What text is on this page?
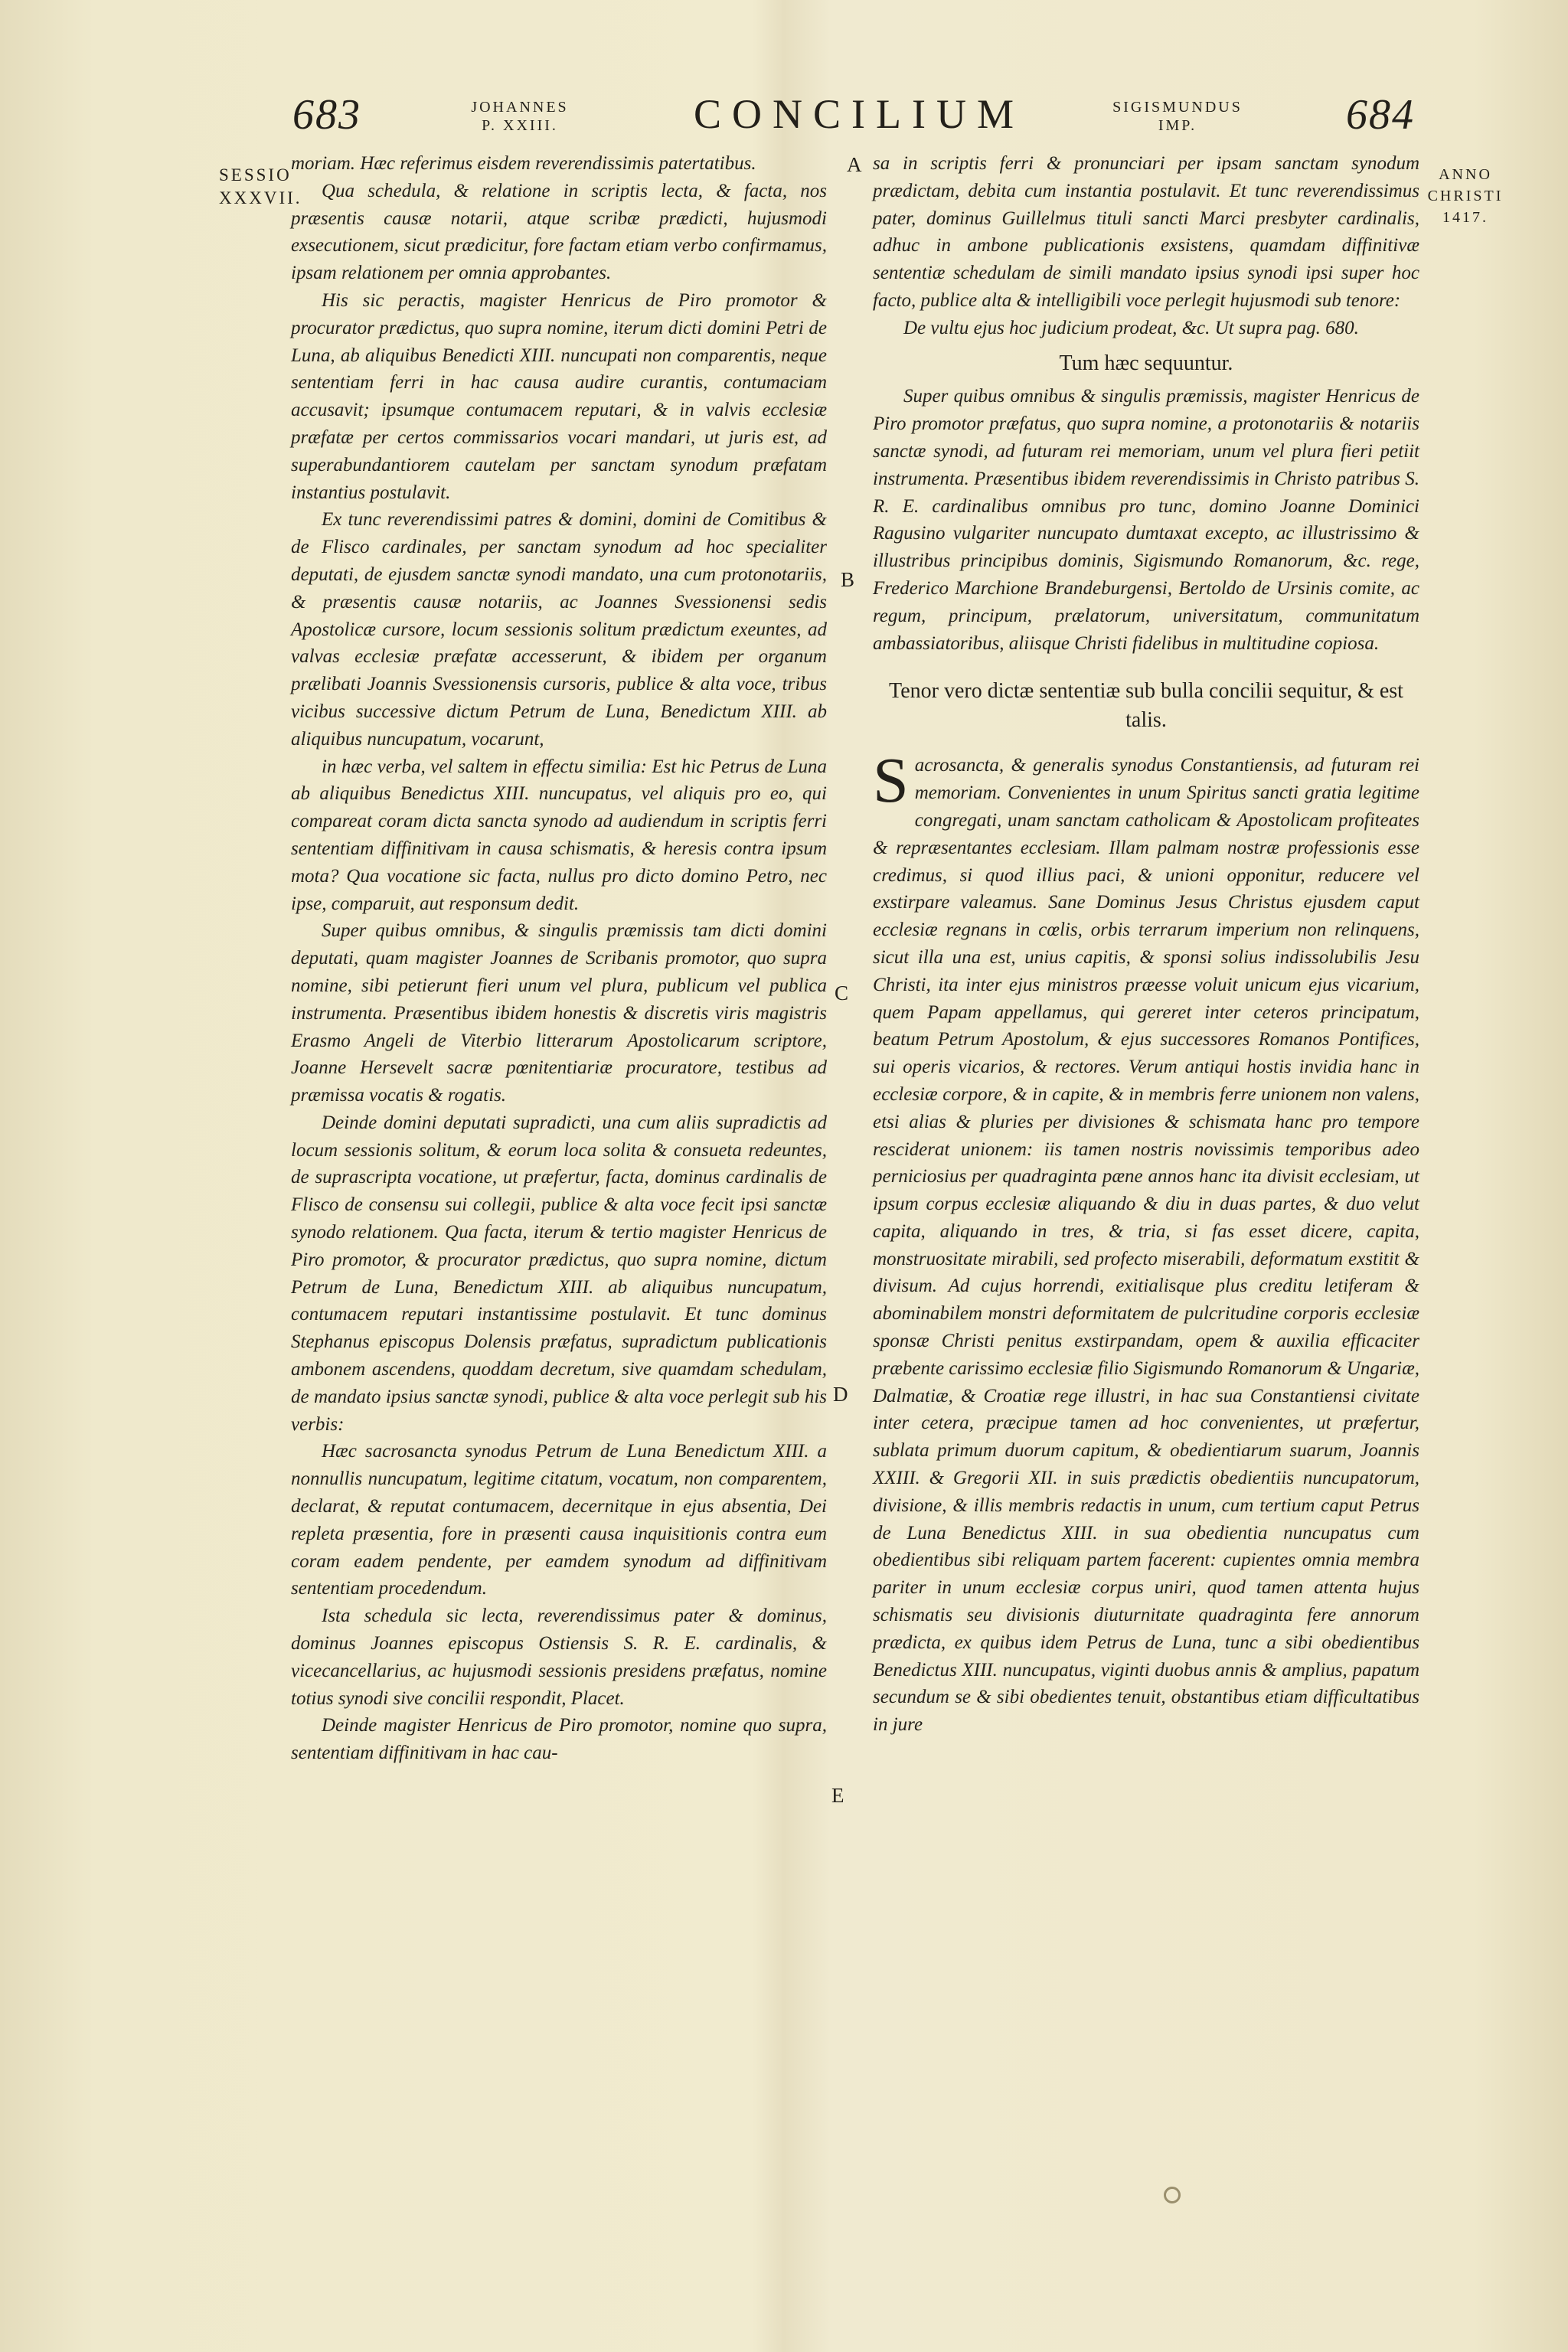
683	JOHANNES
P. XXIII.	CONCILIUM	SIGISMUNDUS
IMP.	684
SESSIO
XXXVII.
ANNO
CHRISTI
1417.
A
B
C
D
E

moriam. Hæc referimus eisdem reverendissimis patertatibus.

Qua schedula, & relatione in scriptis lecta, & facta, nos præsentis causæ notarii, atque scribæ prædicti, hujusmodi exsecutionem, sicut prædicitur, fore factam etiam verbo confirmamus, ipsam relationem per omnia approbantes.

His sic peractis, magister Henricus de Piro promotor & procurator prædictus, quo supra nomine, iterum dicti domini Petri de Luna, ab aliquibus Benedicti XIII. nuncupati non comparentis, neque sententiam ferri in hac causa audire curantis, contumaciam accusavit; ipsumque contumacem reputari, & in valvis ecclesiæ præfatæ per certos commissarios vocari mandari, ut juris est, ad superabundantiorem cautelam per sanctam synodum præfatam instantius postulavit.

Ex tunc reverendissimi patres & domini, domini de Comitibus & de Flisco cardinales, per sanctam synodum ad hoc specialiter deputati, de ejusdem sanctæ synodi mandato, una cum protonotariis, & præsentis causæ notariis, ac Joannes Svessionensi sedis Apostolicæ cursore, locum sessionis solitum prædictum exeuntes, ad valvas ecclesiæ præfatæ accesserunt, & ibidem per organum prælibati Joannis Svessionensis cursoris, publice & alta voce, tribus vicibus successive dictum Petrum de Luna, Benedictum XIII. ab aliquibus nuncupatum, vocarunt,

in hæc verba, vel saltem in effectu similia: Est hic Petrus de Luna ab aliquibus Benedictus XIII. nuncupatus, vel aliquis pro eo, qui compareat coram dicta sancta synodo ad audiendum in scriptis ferri sententiam diffinitivam in causa schismatis, & heresis contra ipsum mota? Qua vocatione sic facta, nullus pro dicto domino Petro, nec ipse, comparuit, aut responsum dedit.

Super quibus omnibus, & singulis præmissis tam dicti domini deputati, quam magister Joannes de Scribanis promotor, quo supra nomine, sibi petierunt fieri unum vel plura, publicum vel publica instrumenta. Præsentibus ibidem honestis & discretis viris magistris Erasmo Angeli de Viterbio litterarum Apostolicarum scriptore, Joanne Hersevelt sacræ pœnitentiariæ procuratore, testibus ad præmissa vocatis & rogatis.

Deinde domini deputati supradicti, una cum aliis supradictis ad locum sessionis solitum, & eorum loca solita & consueta redeuntes, de suprascripta vocatione, ut præfertur, facta, dominus cardinalis de Flisco de consensu sui collegii, publice & alta voce fecit ipsi sanctæ synodo relationem. Qua facta, iterum & tertio magister Henricus de Piro promotor, & procurator prædictus, quo supra nomine, dictum Petrum de Luna, Benedictum XIII. ab aliquibus nuncupatum, contumacem reputari instantissime postulavit. Et tunc dominus Stephanus episcopus Dolensis præfatus, supradictum publicationis ambonem ascendens, quoddam decretum, sive quamdam schedulam, de mandato ipsius sanctæ synodi, publice & alta voce perlegit sub his verbis:

Hæc sacrosancta synodus Petrum de Luna Benedictum XIII. a nonnullis nuncupatum, legitime citatum, vocatum, non comparentem, declarat, & reputat contumacem, decernitque in ejus absentia, Dei repleta præsentia, fore in præsenti causa inquisitionis contra eum coram eadem pendente, per eamdem synodum ad diffinitivam sententiam procedendum.

Ista schedula sic lecta, reverendissimus pater & dominus, dominus Joannes episcopus Ostiensis S. R. E. cardinalis, & vicecancellarius, ac hujusmodi sessionis presidens præfatus, nomine totius synodi sive concilii respondit, Placet.

Deinde magister Henricus de Piro promotor, nomine quo supra, sententiam diffinitivam in hac cau-

sa in scriptis ferri & pronunciari per ipsam sanctam synodum prædictam, debita cum instantia postulavit. Et tunc reverendissimus pater, dominus Guillelmus tituli sancti Marci presbyter cardinalis, adhuc in ambone publicationis exsistens, quamdam diffinitivæ sententiæ schedulam de simili mandato ipsius synodi ipsi super hoc facto, publice alta & intelligibili voce perlegit hujusmodi sub tenore:

De vultu ejus hoc judicium prodeat, &c. Ut supra pag. 680.

Tum hæc sequuntur.

Super quibus omnibus & singulis præmissis, magister Henricus de Piro promotor præfatus, quo supra nomine, a protonotariis & notariis sanctæ synodi, ad futuram rei memoriam, unum vel plura fieri petiit instrumenta. Præsentibus ibidem reverendissimis in Christo patribus S. R. E. cardinalibus omnibus pro tunc, domino Joanne Dominici Ragusino vulgariter nuncupato dumtaxat excepto, ac illustrissimo & illustribus principibus dominis, Sigismundo Romanorum, &c. rege, Frederico Marchione Brandeburgensi, Bertoldo de Ursinis comite, ac regum, principum, prælatorum, universitatum, communitatum ambassiatoribus, aliisque Christi fidelibus in multitudine copiosa.

Tenor vero dictæ sententiæ sub bulla concilii sequitur, & est talis.

Sacrosancta, & generalis synodus Constantiensis, ad futuram rei memoriam. Convenientes in unum Spiritus sancti gratia legitime congregati, unam sanctam catholicam & Apostolicam profiteates & repræsentantes ecclesiam. Illam palmam nostræ professionis esse credimus, si quod illius paci, & unioni opponitur, reducere vel exstirpare valeamus. Sane Dominus Jesus Christus ejusdem caput ecclesiæ regnans in cœlis, orbis terrarum imperium non relinquens, sicut illa una est, unius capitis, & sponsi solius indissolubilis Jesu Christi, ita inter ejus ministros præesse voluit unicum ejus vicarium, quem Papam appellamus, qui gereret inter ceteros principatum, beatum Petrum Apostolum, & ejus successores Romanos Pontifices, sui operis vicarios, & rectores. Verum antiqui hostis invidia hanc in ecclesiæ corpore, & in capite, & in membris ferre unionem non valens, etsi alias & pluries per divisiones & schismata hanc pro tempore resciderat unionem: iis tamen nostris novissimis temporibus adeo perniciosius per quadraginta pæne annos hanc ita divisit ecclesiam, ut ipsum corpus ecclesiæ aliquando & diu in duas partes, & duo velut capita, aliquando in tres, & tria, si fas esset dicere, capita, monstruositate mirabili, sed profecto miserabili, deformatum exstitit & divisum. Ad cujus horrendi, exitialisque plus creditu letiferam & abominabilem monstri deformitatem de pulcritudine corporis ecclesiæ sponsæ Christi penitus exstirpandam, opem & auxilia efficaciter præbente carissimo ecclesiæ filio Sigismundo Romanorum & Ungariæ, Dalmatiæ, & Croatiæ rege illustri, in hac sua Constantiensi civitate inter cetera, præcipue tamen ad hoc convenientes, ut præfertur, sublata primum duorum capitum, & obedientiarum suarum, Joannis XXIII. & Gregorii XII. in suis prædictis obedientiis nuncupatorum, divisione, & illis membris redactis in unum, cum tertium caput Petrus de Luna Benedictus XIII. in sua obedientia nuncupatus cum obedientibus sibi reliquam partem facerent: cupientes omnia membra pariter in unum ecclesiæ corpus uniri, quod tamen attenta hujus schismatis seu divisionis diuturnitate quadraginta fere annorum prædicta, ex quibus idem Petrus de Luna, tunc a sibi obedientibus Benedictus XIII. nuncupatus, viginti duobus annis & amplius, papatum secundum se & sibi obedientes tenuit, obstantibus etiam difficultatibus in jure
